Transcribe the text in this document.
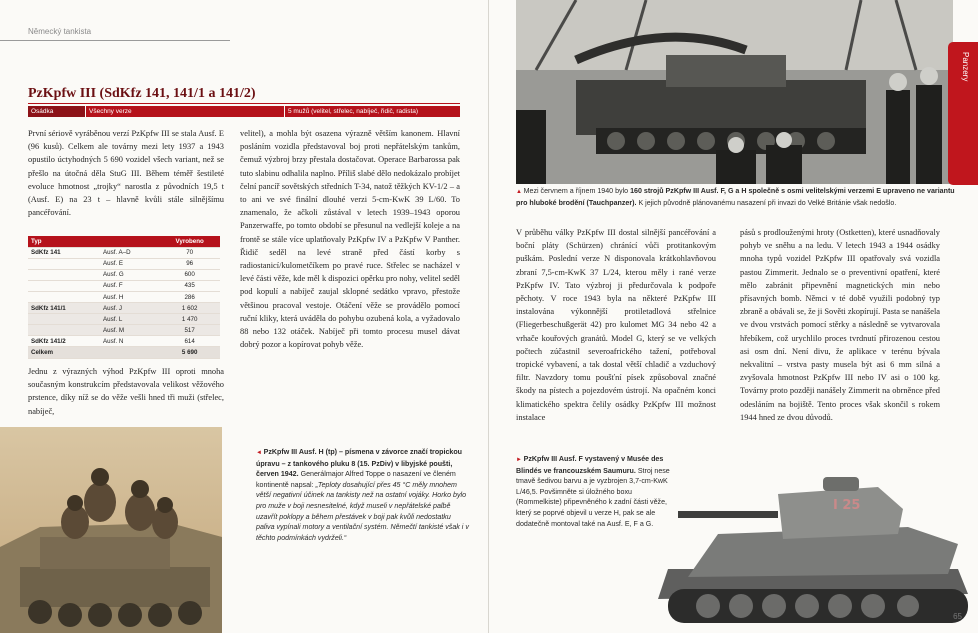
Německý tankista
PzKpfw III (SdKfz 141, 141/1 a 141/2)
Osádka	Všechny verze	5 mužů (velitel, střelec, nabíječ, řidič, radista)
První sériově vyráběnou verzí PzKpfw III se stala Ausf. E (96 kusů). Celkem ale továrny mezi lety 1937 a 1943 opustilo úctyhodných 5 690 vozidel všech variant, než se přešlo na útočná děla StuG III. Během téměř šestileté evoluce hmotnost „trojky“ narostla z původních 19,5 t (Ausf. E) na 23 t – hlavně kvůli stále silnějšímu pancéřování.
Typ		Vyrobeno
SdKfz 141	Ausf. A–D	70
	Ausf. E	96
	Ausf. G	600
	Ausf. F	435
	Ausf. H	286
SdKfz 141/1	Ausf. J	1 602
	Ausf. L	1 470
	Ausf. M	517
SdKfz 141/2	Ausf. N	614
Celkem		5 690
Jednu z výrazných výhod PzKpfw III oproti mnoha současným konstrukcím představovala velikost věžového prstence, díky níž se do věže vešli hned tři muži (střelec, nabíječ,
velitel), a mohla být osazena výrazně větším kanonem. Hlavní posláním vozidla představoval boj proti nepřátelským tankům, čemuž výzbroj brzy přestala dostačovat. Operace Barbarossa pak tuto slabinu odhalila naplno. Příliš slabé dělo nedokázalo probíjet čelní pancíř sovětských středních T-34, natož těžkých KV-1/2 – a to ani ve své finální dlouhé verzi 5-cm-KwK 39 L/60. To znamenalo, že ačkoli zůstával v letech 1939–1943 oporou Panzerwaffe, po tomto období se přesunul na vedlejší koleje a na frontě se stále více uplatňovaly PzKpfw IV a PzKpfw V Panther. Řidič seděl na levé straně před částí korby s radiostanicí/kulometčíkem po pravé ruce. Střelec se nacházel v levé části věže, kde měl k dispozici opěrku pro nohy, velitel seděl pod kopulí a nabíječ zaujal sklopné sedátko vpravo, přestože většinou pracoval vestoje. Otáčení věže se provádělo pomocí ruční kliky, která uváděla do pohybu ozubená kola, a vyžadovalo 88 nebo 132 otáček. Nabíječ při tomto procesu musel dávat dobrý pozor a kopírovat pohyb věže.
◄ PzKpfw III Ausf. H (tp) – písmena v závorce značí tropickou úpravu – z tankového pluku 8 (15. PzDiv) v libyjské poušti, červen 1942. Generálmajor Alfred Toppe o nasazení ve členém kontinentě napsal: „Teploty dosahující přes 45 °C měly mnohem větší negativní účinek na tankisty než na ostatní vojáky. Horko bylo pro muže v boji nesnesitelné, když museli v nepřátelské palbě uzavřít poklopy a během přestávek v boji pak kvůli nedostatku paliva vypínali motory a ventilační systém. Němečtí tankisté však i v těchto podmínkách vydrželi.“
Panzery
▲ Mezi červnem a říjnem 1940 bylo 160 strojů PzKpfw III Ausf. F, G a H společně s osmi velitelskými verzemi E upraveno ne variantu pro hluboké brodění (Tauchpanzer). K jejich původně plánovanému nasazení při invazi do Velké Británie však nedošlo.
V průběhu války PzKpfw III dostal silnější pancéřování a boční pláty (Schürzen) chránící vůči protitankovým puškám. Poslední verze N disponovala krátkohlavňovou zbraní 7,5-cm-KwK 37 L/24, kterou měly i rané verze PzKpfw IV. Tato výzbroj ji předurčovala k podpoře pěchoty. V roce 1943 byla na některé PzKpfw III instalována výkonnější protiletadlová střelnice (Fliegerbeschußgerät 42) pro kulomet MG 34 nebo 42 a vrhače kouřových granátů. Model G, který se ve velkých počtech zúčastnil severoafrického tažení, potřeboval tropické vybavení, a tak dostal větší chladič a vzduchový filtr. Navzdory tomu poušťní písek způsoboval značné škody na pístech a pojezdovém ústrojí. Na opačném konci klimatického spektra čelily osádky PzKpfw III možnost instalace
pásů s prodlouženými hroty (Ostketten), které usnadňovaly pohyb ve sněhu a na ledu. V letech 1943 a 1944 osádky mnoha typů vozidel PzKpfw III opatřovaly svá vozidla pastou Zimmerit. Jednalo se o preventivní opatření, které mělo zabránit připevnění magnetických min nebo přísavných bomb. Němci v té době využili podobný typ zbraně a obávali se, že ji Sověti zkopírují. Pasta se nanášela ve dvou vrstvách pomocí stěrky a následně se vytvarovala hřebíkem, což urychlilo proces tvrdnutí přirozenou cestou asi osm dní. Není divu, že aplikace v terénu bývala nekvalitní – vrstva pasty musela být asi 6 mm silná a zvyšovala hmotnost PzKpfw III nebo IV asi o 100 kg. Továrny proto později nanášely Zimmerit na obrněnce před odesláním na bojiště. Tento proces však skončil s rokem 1944 hned ze dvou důvodů.
I 25
► PzKpfw III Ausf. F vystavený v Musée des Blindés ve francouzském Saumuru. Stroj nese tmavě šedivou barvu a je vyzbrojen 3,7-cm-KwK L/46,5. Povšimněte si úložného boxu (Rommelkiste) připevněného k zadní části věže, který se poprvé objevil u verze H, pak se ale dodatečně montoval také na Ausf. E, F a G.
65
